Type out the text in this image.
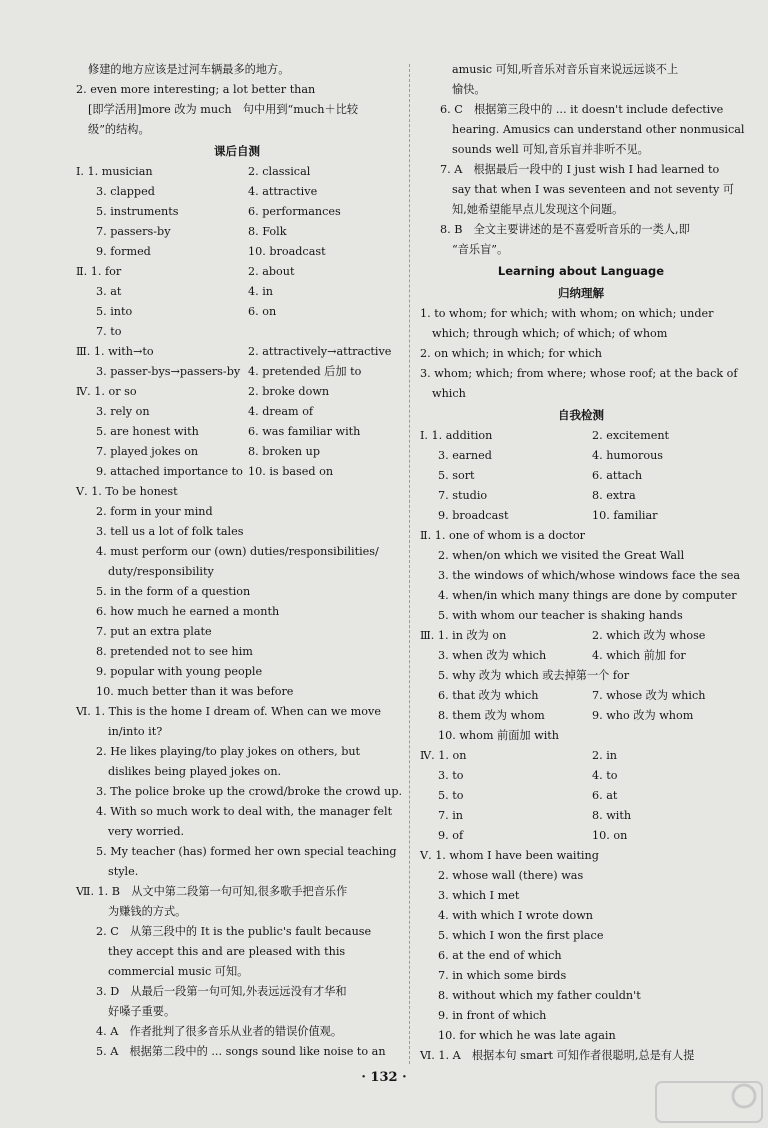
修建的地方应该是过河车辆最多的地方。
2. even more interesting; a lot better than
[即学活用]more 改为 much　句中用到“much＋比较
级”的结构。
课后自测
Ⅰ. 1. musician	2. classical
3. clapped	4. attractive
5. instruments	6. performances
7. passers-by	8. Folk
9. formed	10. broadcast
Ⅱ. 1. for	2. about
3. at	4. in
5. into	6. on
7. to
Ⅲ. 1. with→to	2. attractively→attractive
3. passer-bys→passers-by 4. pretended 后加 to
Ⅳ. 1. or so	2. broke down
3. rely on	4. dream of
5. are honest with	6. was familiar with
7. played jokes on	8. broken up
9. attached importance to 10. is based on
Ⅴ. 1. To be honest
2. form in your mind
3. tell us a lot of folk tales
4. must perform our (own) duties/responsibilities/
duty/responsibility
5. in the form of a question
6. how much he earned a month
7. put an extra plate
8. pretended not to see him
9. popular with young people
10. much better than it was before
Ⅵ. 1. This is the home I dream of. When can we move
in/into it?
2. He likes playing/to play jokes on others, but
dislikes being played jokes on.
3. The police broke up the crowd/broke the crowd up.
4. With so much work to deal with, the manager felt
very worried.
5. My teacher (has) formed her own special teaching
style.
Ⅶ. 1. B　从文中第二段第一句可知,很多歌手把音乐作
为赚钱的方式。
2. C　从第三段中的 It is the public's fault because
they accept this and are pleased with this
commercial music 可知。
3. D　从最后一段第一句可知,外表远远没有才华和
好嗓子重要。
4. A　作者批判了很多音乐从业者的错误价值观。
5. A　根据第二段中的 ... songs sound like noise to an
amusic 可知,听音乐对音乐盲来说远远谈不上
愉快。
6. C　根据第三段中的 ... it doesn't include defective
hearing. Amusics can understand other nonmusical
sounds well 可知,音乐盲并非听不见。
7. A　根据最后一段中的 I just wish I had learned to
say that when I was seventeen and not seventy 可
知,她希望能早点儿发现这个问题。
8. B　全文主要讲述的是不喜爱听音乐的一类人,即
“音乐盲”。
Learning about Language
归纳理解
1. to whom; for which; with whom; on which; under
which; through which; of which; of whom
2. on which; in which; for which
3. whom; which; from where; whose roof; at the back of
which
自我检测
Ⅰ. 1. addition	2. excitement
3. earned	4. humorous
5. sort	6. attach
7. studio	8. extra
9. broadcast	10. familiar
Ⅱ. 1. one of whom is a doctor
2. when/on which we visited the Great Wall
3. the windows of which/whose windows face the sea
4. when/in which many things are done by computer
5. with whom our teacher is shaking hands
Ⅲ. 1. in 改为 on	2. which 改为 whose
3. when 改为 which	4. which 前加 for
5. why 改为 which 或去掉第一个 for
6. that 改为 which	7. whose 改为 which
8. them 改为 whom	9. who 改为 whom
10. whom 前面加 with
Ⅳ. 1. on	2. in
3. to	4. to
5. to	6. at
7. in	8. with
9. of	10. on
Ⅴ. 1. whom I have been waiting
2. whose wall (there) was
3. which I met
4. with which I wrote down
5. which I won the first place
6. at the end of which
7. in which some birds
8. without which my father couldn't
9. in front of which
10. for which he was late again
Ⅵ. 1. A　根据本句 smart 可知作者很聪明,总是有人提
· 132 ·
